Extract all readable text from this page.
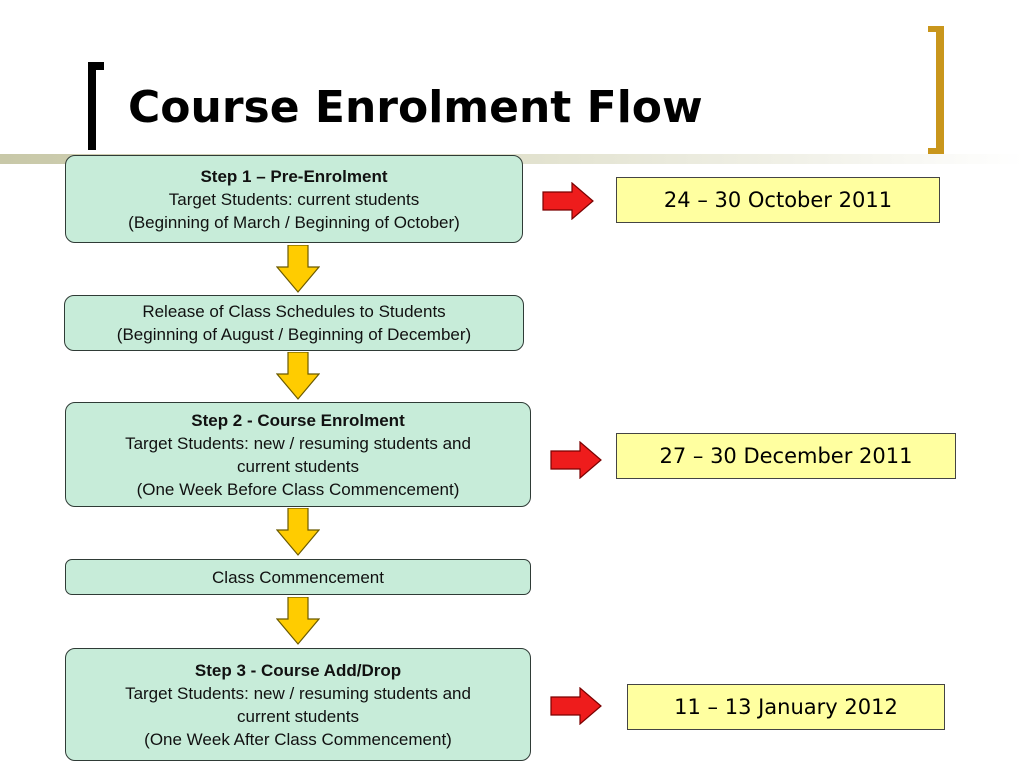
Course Enrolment Flow
Step 1 – Pre-Enrolment
Target Students: current students
(Beginning of March / Beginning of October)
Release of Class Schedules to Students
(Beginning of August / Beginning of December)
Step 2 - Course Enrolment
Target Students: new / resuming students and
current students
(One Week Before Class Commencement)
Class Commencement
Step 3 - Course Add/Drop
Target Students: new / resuming students and
current students
(One Week After Class Commencement)
24 – 30 October 2011
27 – 30 December 2011
11 – 13 January 2012
